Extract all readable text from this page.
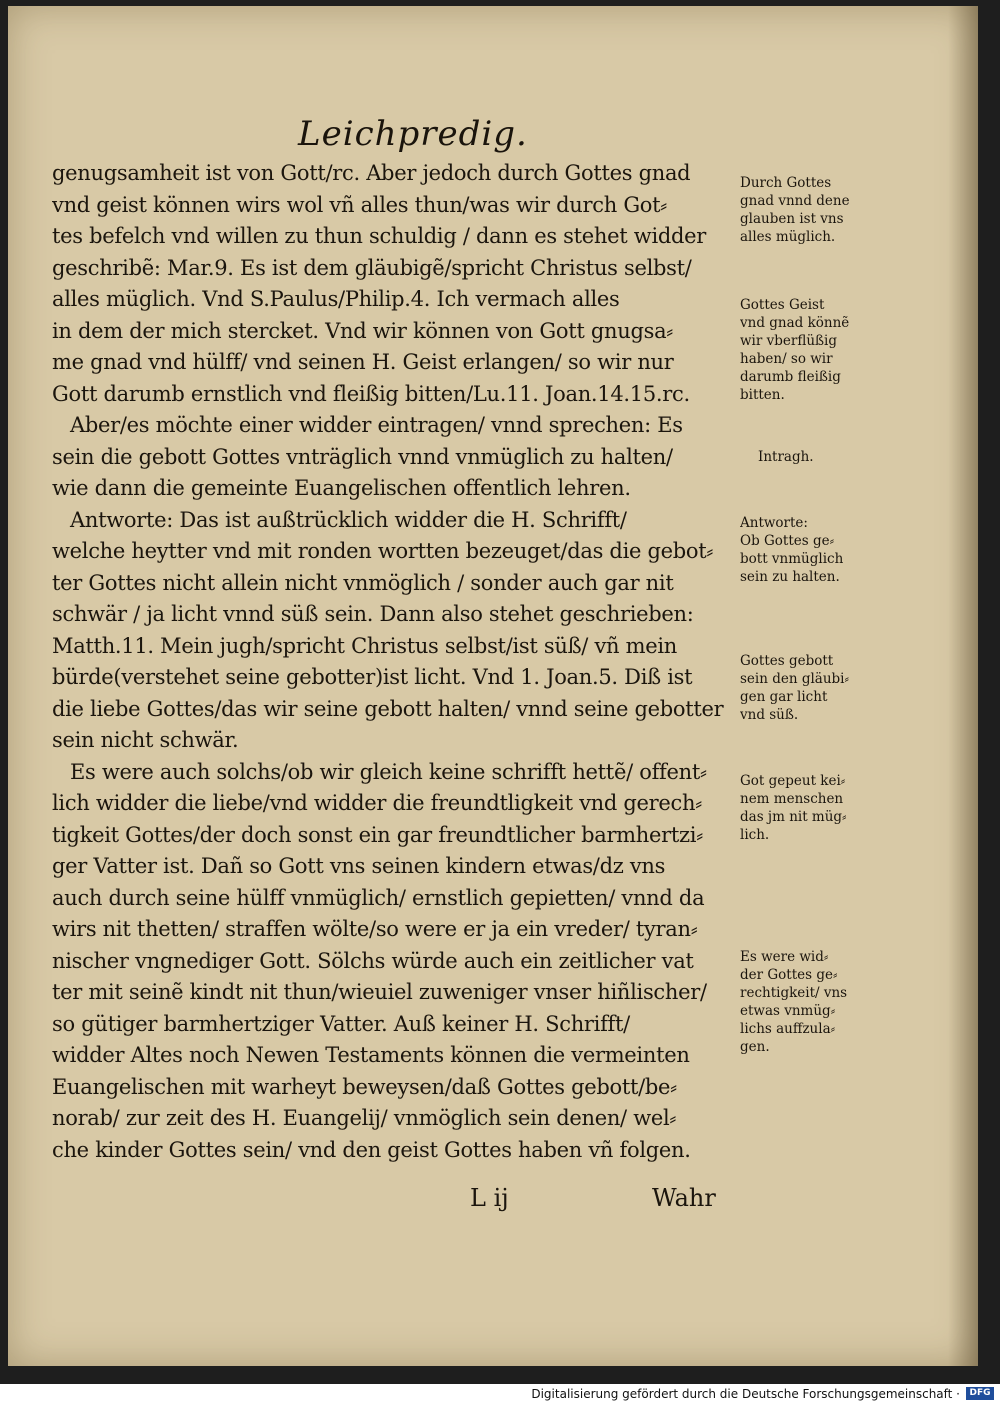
Leichpredig.
genugsamheit ist von Gott/rc. Aber jedoch durch Gottes gnad
vnd geist können wirs wol vñ alles thun/was wir durch Got⸗
tes befelch vnd willen zu thun schuldig / dann es stehet widder
geschribẽ: Mar.9. Es ist dem gläubigẽ/spricht Christus selbst/
alles müglich. Vnd S.Paulus/Philip.4. Ich vermach alles
in dem der mich stercket. Vnd wir können von Gott gnugsa⸗
me gnad vnd hülff/ vnd seinen H. Geist erlangen/ so wir nur
Gott darumb ernstlich vnd fleißig bitten/Lu.11. Joan.14.15.rc.
Aber/es möchte einer widder eintragen/ vnnd sprechen: Es
sein die gebott Gottes vnträglich vnnd vnmüglich zu halten/
wie dann die gemeinte Euangelischen offentlich lehren.
Antworte: Das ist außtrücklich widder die H. Schrifft/
welche heytter vnd mit ronden wortten bezeuget/das die gebot⸗
ter Gottes nicht allein nicht vnmöglich / sonder auch gar nit
schwär / ja licht vnnd süß sein. Dann also stehet geschrieben:
Matth.11. Mein jugh/spricht Christus selbst/ist süß/ vñ mein
bürde(verstehet seine gebotter)ist licht. Vnd 1. Joan.5. Diß ist
die liebe Gottes/das wir seine gebott halten/ vnnd seine gebotter
sein nicht schwär.
Es were auch solchs/ob wir gleich keine schrifft hettẽ/ offent⸗
lich widder die liebe/vnd widder die freundtligkeit vnd gerech⸗
tigkeit Gottes/der doch sonst ein gar freundtlicher barmhertzi⸗
ger Vatter ist. Dañ so Gott vns seinen kindern etwas/dz vns
auch durch seine hülff vnmüglich/ ernstlich gepietten/ vnnd da
wirs nit thetten/ straffen wölte/so were er ja ein vreder/ tyran⸗
nischer vngnediger Gott. Sölchs würde auch ein zeitlicher vat
ter mit seinẽ kindt nit thun/wieuiel zuweniger vnser hiñlischer/
so gütiger barmhertziger Vatter. Auß keiner H. Schrifft/
widder Altes noch Newen Testaments können die vermeinten
Euangelischen mit warheyt beweysen/daß Gottes gebott/be⸗
norab/ zur zeit des H. Euangelij/ vnmöglich sein denen/ wel⸗
che kinder Gottes sein/ vnd den geist Gottes haben vñ folgen.
Durch Gottes
gnad vnnd dene
glauben ist vns
alles müglich.
Gottes Geist
vnd gnad könnẽ
wir vberflüßig
haben/ so wir
darumb fleißig
bitten.
Intragh.
Antworte:
Ob Gottes ge⸗
bott vnmüglich
sein zu halten.
Gottes gebott
sein den gläubi⸗
gen gar licht
vnd süß.
Got gepeut kei⸗
nem menschen
das jm nit müg⸗
lich.
Es were wid⸗
der Gottes ge⸗
rechtigkeit/ vns
etwas vnmüg⸗
lichs auffzula⸗
gen.
L ij	Wahr
Digitalisierung gefördert durch die Deutsche Forschungsgemeinschaft ·	DFG
